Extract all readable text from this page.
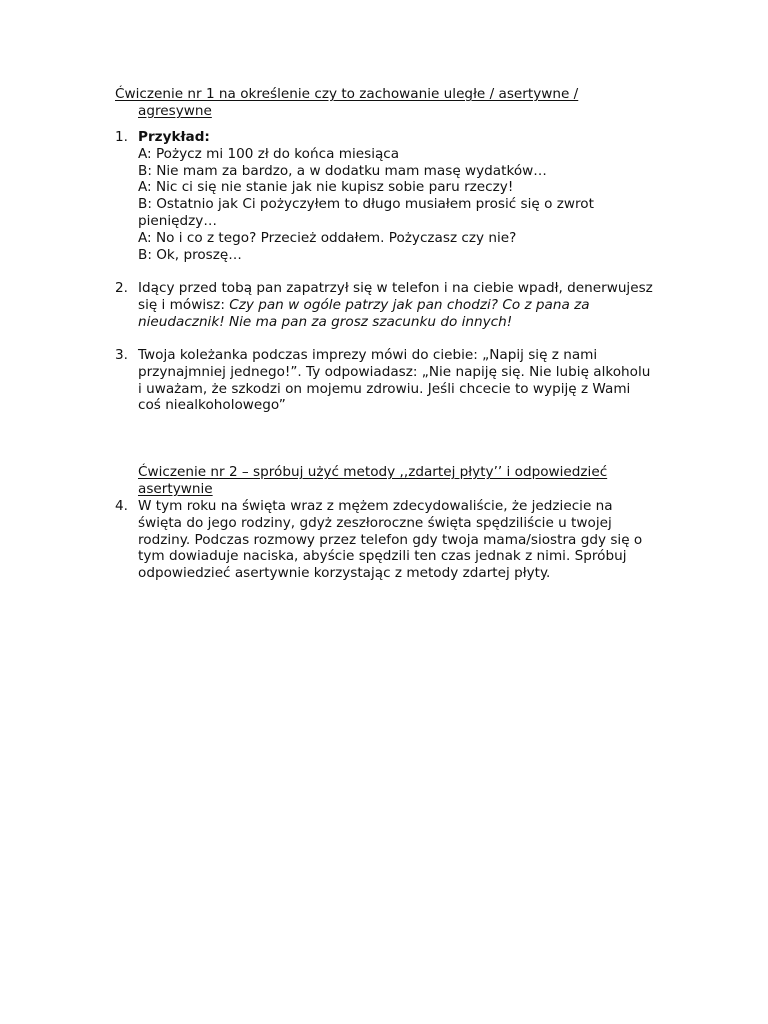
Ćwiczenie nr 1 na określenie czy to zachowanie uległe / asertywne /
agresywne
1. Przykład:
A: Pożycz mi 100 zł do końca miesiąca
B: Nie mam za bardzo, a w dodatku mam masę wydatków…
A: Nic ci się nie stanie jak nie kupisz sobie paru rzeczy!
B: Ostatnio jak Ci pożyczyłem to długo musiałem prosić się o zwrot
pieniędzy…
A: No i co z tego? Przecież oddałem. Pożyczasz czy nie?
B: Ok, proszę…
2. Idący przed tobą pan zapatrzył się w telefon i na ciebie wpadł, denerwujesz
się i mówisz: Czy pan w ogóle patrzy jak pan chodzi? Co z pana za
nieudacznik! Nie ma pan za grosz szacunku do innych!
3. Twoja koleżanka podczas imprezy mówi do ciebie: „Napij się z nami
przynajmniej jednego!”. Ty odpowiadasz: „Nie napiję się. Nie lubię alkoholu
i uważam, że szkodzi on mojemu zdrowiu. Jeśli chcecie to wypiję z Wami
coś niealkoholowego”
Ćwiczenie nr 2 – spróbuj użyć metody ,,zdartej płyty’’ i odpowiedzieć
asertywnie
4. W tym roku na święta wraz z mężem zdecydowaliście, że jedziecie na
święta do jego rodziny, gdyż zeszłoroczne święta spędziliście u twojej
rodziny. Podczas rozmowy przez telefon gdy twoja mama/siostra gdy się o
tym dowiaduje naciska, abyście spędzili ten czas jednak z nimi. Spróbuj
odpowiedzieć asertywnie korzystając z metody zdartej płyty.
